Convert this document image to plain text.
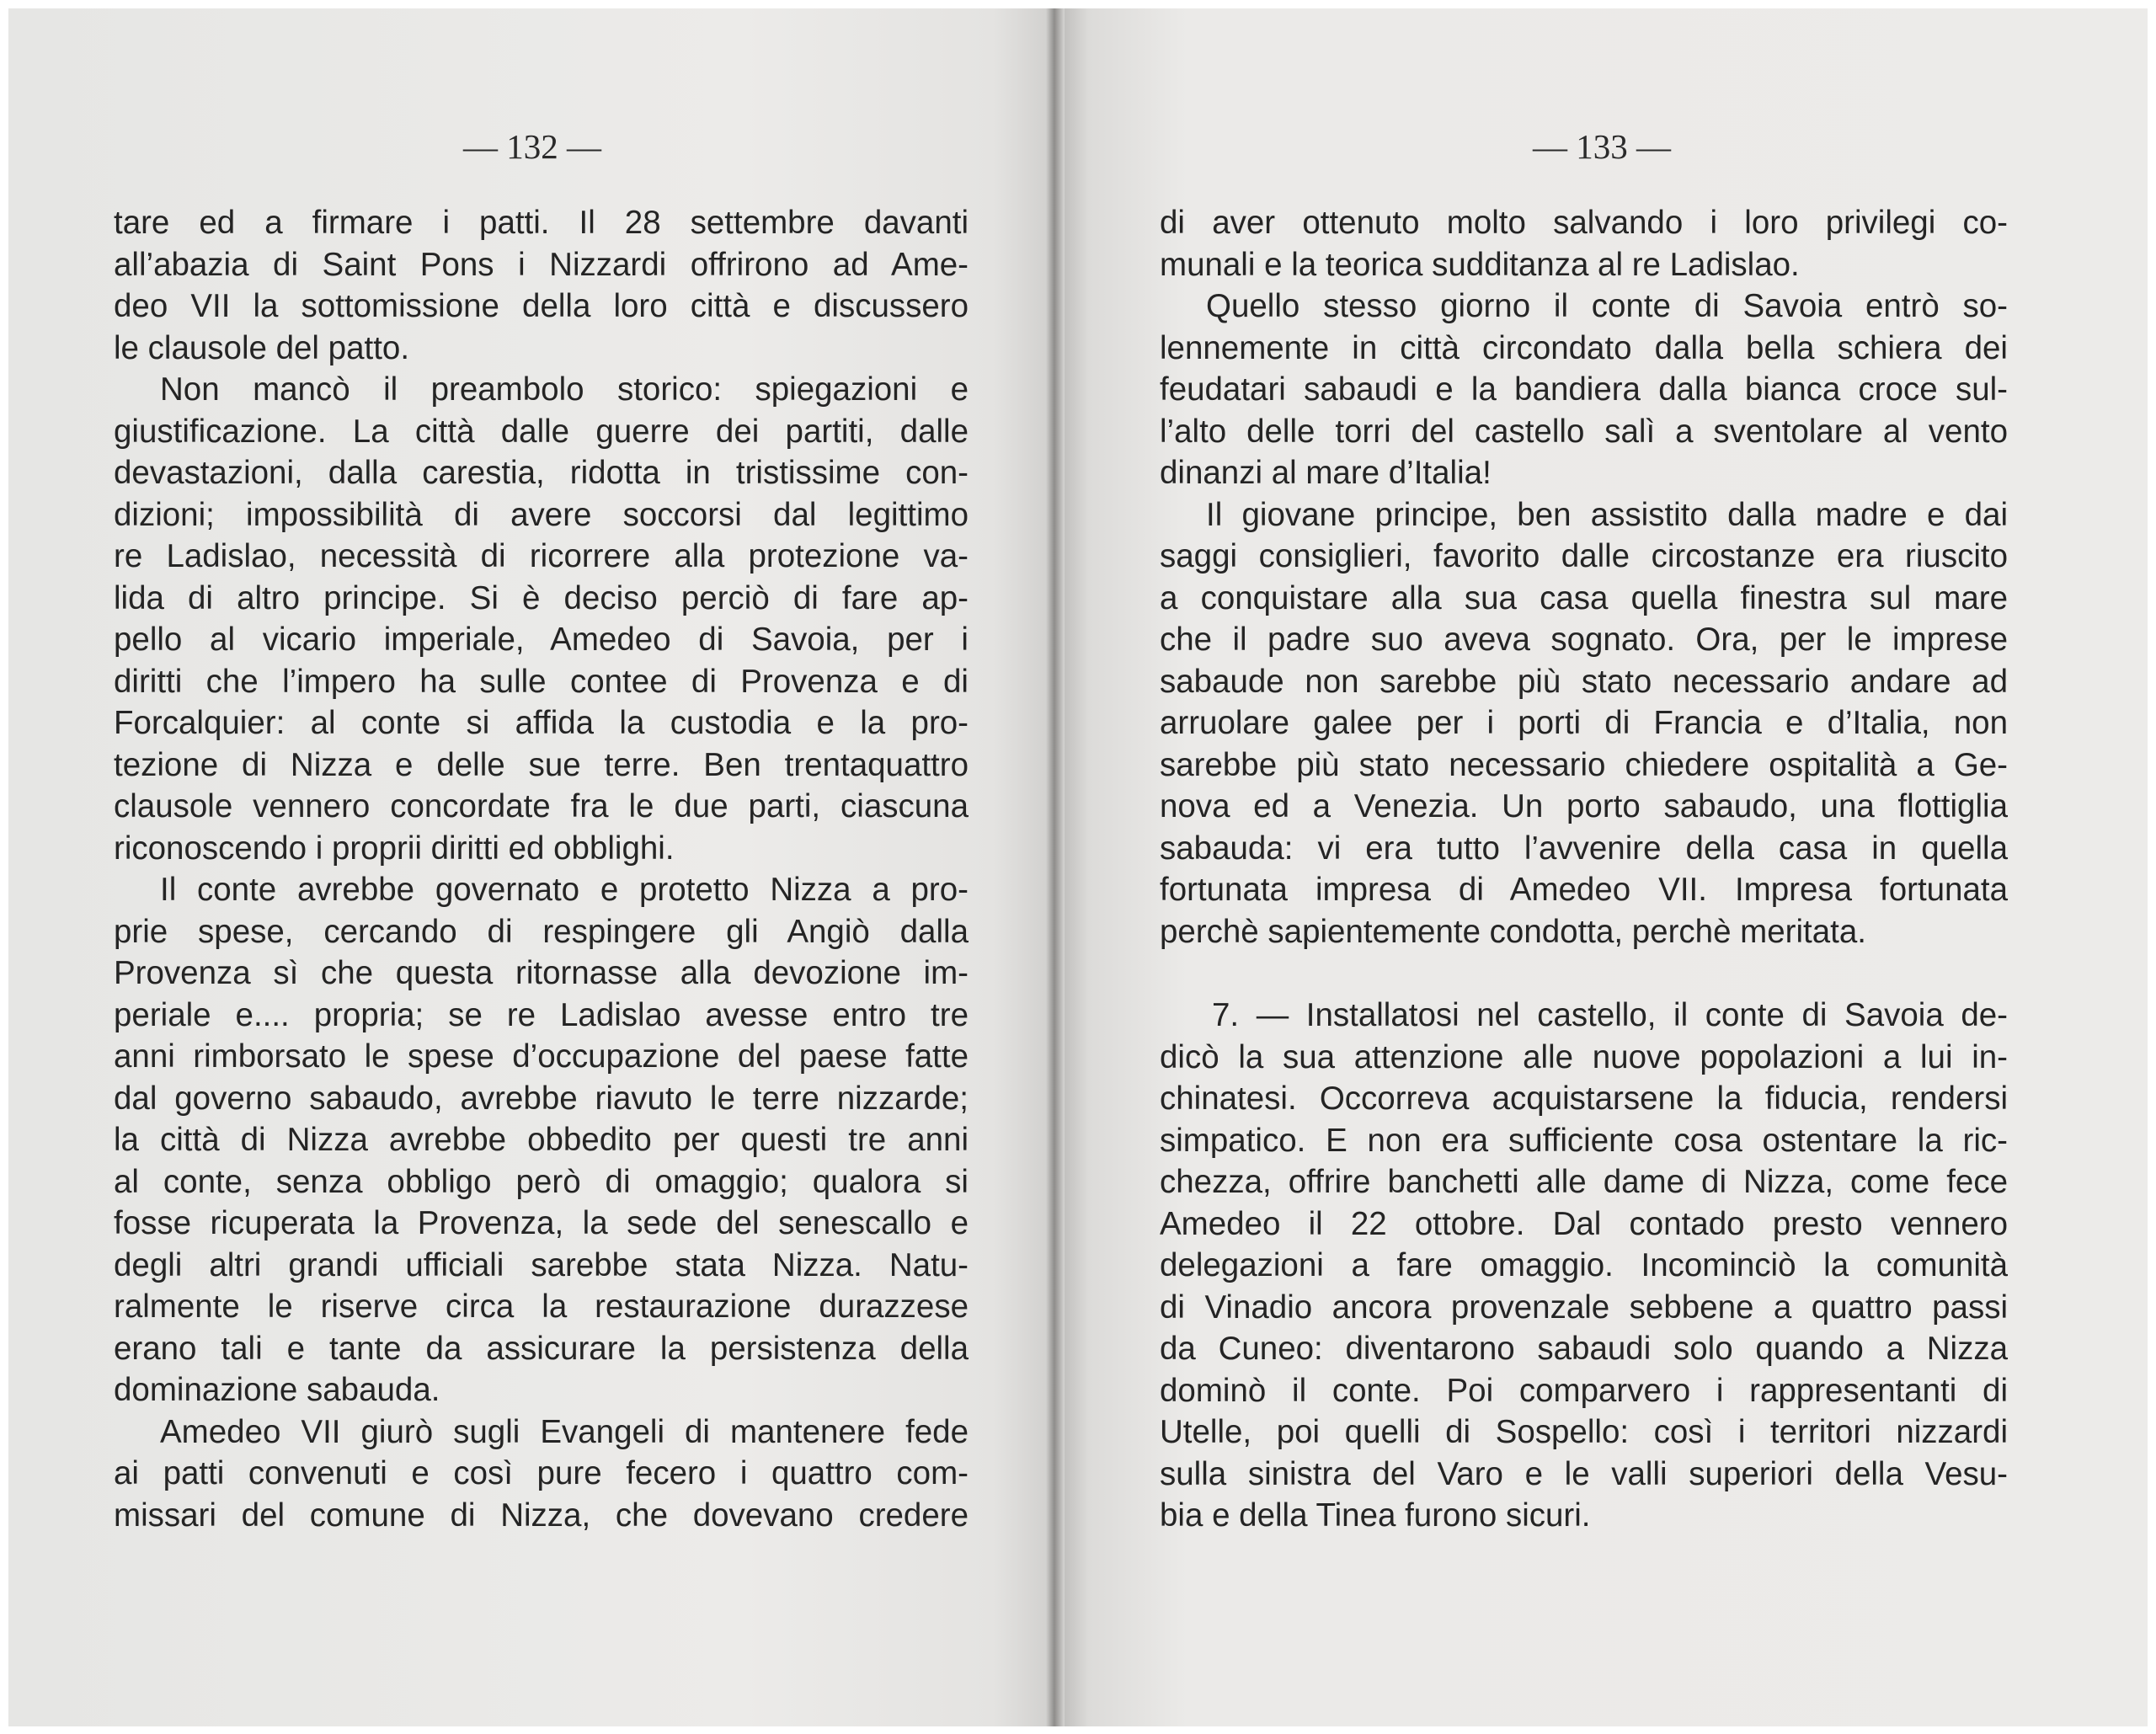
— 132 —
tare ed a firmare i patti. Il 28 settembre davanti
all’abazia di Saint Pons i Nizzardi offrirono ad Ame-
deo VII la sottomissione della loro città e discussero
le clausole del patto.
Non mancò il preambolo storico: spiegazioni e
giustificazione. La città dalle guerre dei partiti, dalle
devastazioni, dalla carestia, ridotta in tristissime con-
dizioni; impossibilità di avere soccorsi dal legittimo
re Ladislao, necessità di ricorrere alla protezione va-
lida di altro principe. Si è deciso perciò di fare ap-
pello al vicario imperiale, Amedeo di Savoia, per i
diritti che l’impero ha sulle contee di Provenza e di
Forcalquier: al conte si affida la custodia e la pro-
tezione di Nizza e delle sue terre. Ben trentaquattro
clausole vennero concordate fra le due parti, ciascuna
riconoscendo i proprii diritti ed obblighi.
Il conte avrebbe governato e protetto Nizza a pro-
prie spese, cercando di respingere gli Angiò dalla
Provenza sì che questa ritornasse alla devozione im-
periale e.... propria; se re Ladislao avesse entro tre
anni rimborsato le spese d’occupazione del paese fatte
dal governo sabaudo, avrebbe riavuto le terre nizzarde;
la città di Nizza avrebbe obbedito per questi tre anni
al conte, senza obbligo però di omaggio; qualora si
fosse ricuperata la Provenza, la sede del senescallo e
degli altri grandi ufficiali sarebbe stata Nizza. Natu-
ralmente le riserve circa la restaurazione durazzese
erano tali e tante da assicurare la persistenza della
dominazione sabauda.
Amedeo VII giurò sugli Evangeli di mantenere fede
ai patti convenuti e così pure fecero i quattro com-
missari del comune di Nizza, che dovevano credere
— 133 —
di aver ottenuto molto salvando i loro privilegi co-
munali e la teorica sudditanza al re Ladislao.
Quello stesso giorno il conte di Savoia entrò so-
lennemente in città circondato dalla bella schiera dei
feudatari sabaudi e la bandiera dalla bianca croce sul-
l’alto delle torri del castello salì a sventolare al vento
dinanzi al mare d’Italia!
Il giovane principe, ben assistito dalla madre e dai
saggi consiglieri, favorito dalle circostanze era riuscito
a conquistare alla sua casa quella finestra sul mare
che il padre suo aveva sognato. Ora, per le imprese
sabaude non sarebbe più stato necessario andare ad
arruolare galee per i porti di Francia e d’Italia, non
sarebbe più stato necessario chiedere ospitalità a Ge-
nova ed a Venezia. Un porto sabaudo, una flottiglia
sabauda: vi era tutto l’avvenire della casa in quella
fortunata impresa di Amedeo VII. Impresa fortunata
perchè sapientemente condotta, perchè meritata.
7. — Installatosi nel castello, il conte di Savoia de-
dicò la sua attenzione alle nuove popolazioni a lui in-
chinatesi. Occorreva acquistarsene la fiducia, rendersi
simpatico. E non era sufficiente cosa ostentare la ric-
chezza, offrire banchetti alle dame di Nizza, come fece
Amedeo il 22 ottobre. Dal contado presto vennero
delegazioni a fare omaggio. Incominciò la comunità
di Vinadio ancora provenzale sebbene a quattro passi
da Cuneo: diventarono sabaudi solo quando a Nizza
dominò il conte. Poi comparvero i rappresentanti di
Utelle, poi quelli di Sospello: così i territori nizzardi
sulla sinistra del Varo e le valli superiori della Vesu-
bia e della Tinea furono sicuri.
